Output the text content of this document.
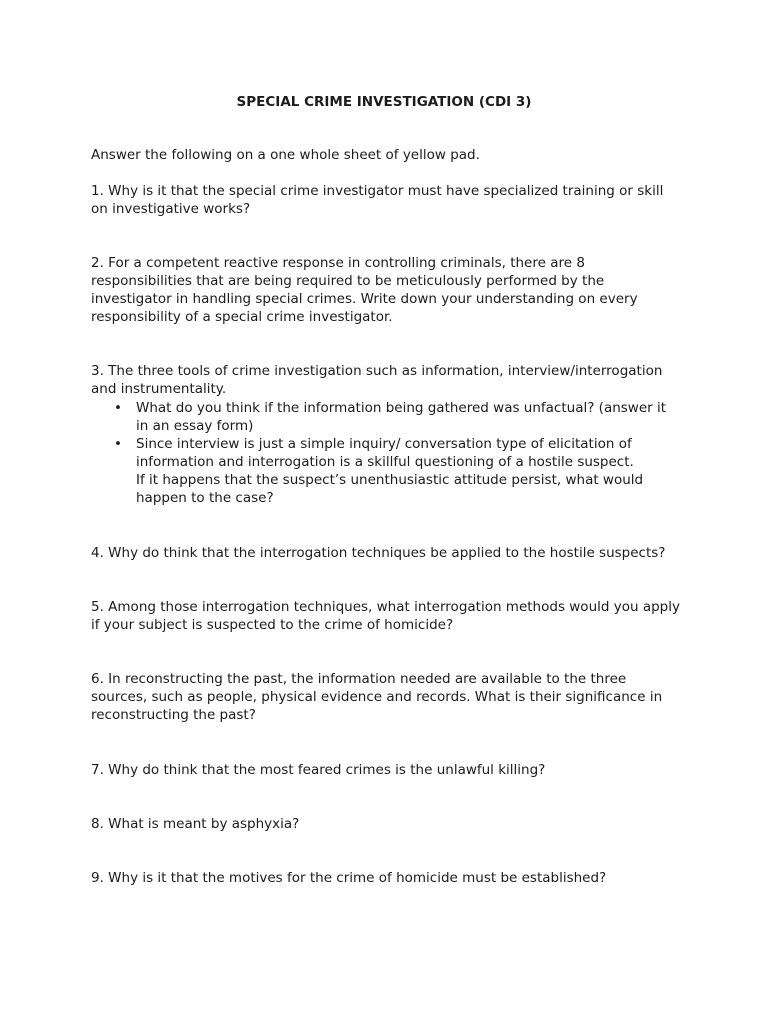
SPECIAL CRIME INVESTIGATION (CDI 3)

Answer the following on a one whole sheet of yellow pad.

1. Why is it that the special crime investigator must have specialized training or skill on investigative works?

2. For a competent reactive response in controlling criminals, there are 8 responsibilities that are being required to be meticulously performed by the investigator in handling special crimes. Write down your understanding on every responsibility of a special crime investigator.

3. The three tools of crime investigation such as information, interview/interrogation and instrumentality.

• What do you think if the information being gathered was unfactual? (answer it in an essay form)
• Since interview is just a simple inquiry/ conversation type of elicitation of information and interrogation is a skillful questioning of a hostile suspect.
If it happens that the suspect’s unenthusiastic attitude persist, what would happen to the case?

4. Why do think that the interrogation techniques be applied to the hostile suspects?

5. Among those interrogation techniques, what interrogation methods would you apply if your subject is suspected to the crime of homicide?

6. In reconstructing the past, the information needed are available to the three sources, such as people, physical evidence and records. What is their significance in reconstructing the past?

7. Why do think that the most feared crimes is the unlawful killing?

8. What is meant by asphyxia?

9. Why is it that the motives for the crime of homicide must be established?
